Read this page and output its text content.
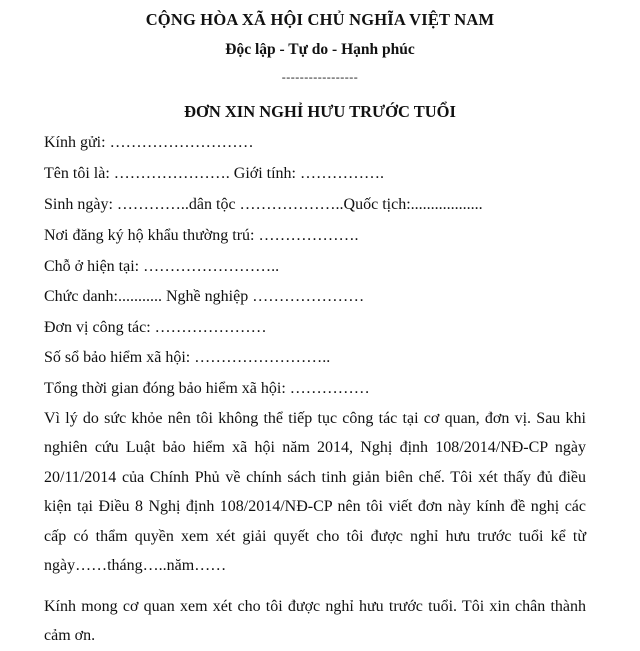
CỘNG HÒA XÃ HỘI CHỦ NGHĨA VIỆT NAM
Độc lập - Tự do - Hạnh phúc
-----------------
ĐƠN XIN NGHỈ HƯU TRƯỚC TUỔI
Kính gửi: ………………………
Tên tôi là: …………………. Giới tính: …………….
Sinh ngày: …………..dân tộc ………………..Quốc tịch:..................
Nơi đăng ký hộ khẩu thường trú: ……………….
Chỗ ở hiện tại: ……………………..
Chức danh:........... Nghề nghiệp …………………
Đơn vị công tác: …………………
Số sổ bảo hiểm xã hội: ……………………..
Tổng thời gian đóng bảo hiểm xã hội: ……………
Vì lý do sức khỏe nên tôi không thể tiếp tục công tác tại cơ quan, đơn vị. Sau khi nghiên cứu Luật bảo hiểm xã hội năm 2014, Nghị định 108/2014/NĐ-CP ngày 20/11/2014 của Chính Phủ về chính sách tinh giản biên chế. Tôi xét thấy đủ điều kiện tại Điều 8 Nghị định 108/2014/NĐ-CP nên tôi viết đơn này kính đề nghị các cấp có thẩm quyền xem xét giải quyết cho tôi được nghỉ hưu trước tuổi kể từ ngày……tháng…..năm……
Kính mong cơ quan xem xét cho tôi được nghỉ hưu trước tuổi. Tôi xin chân thành cảm ơn.
